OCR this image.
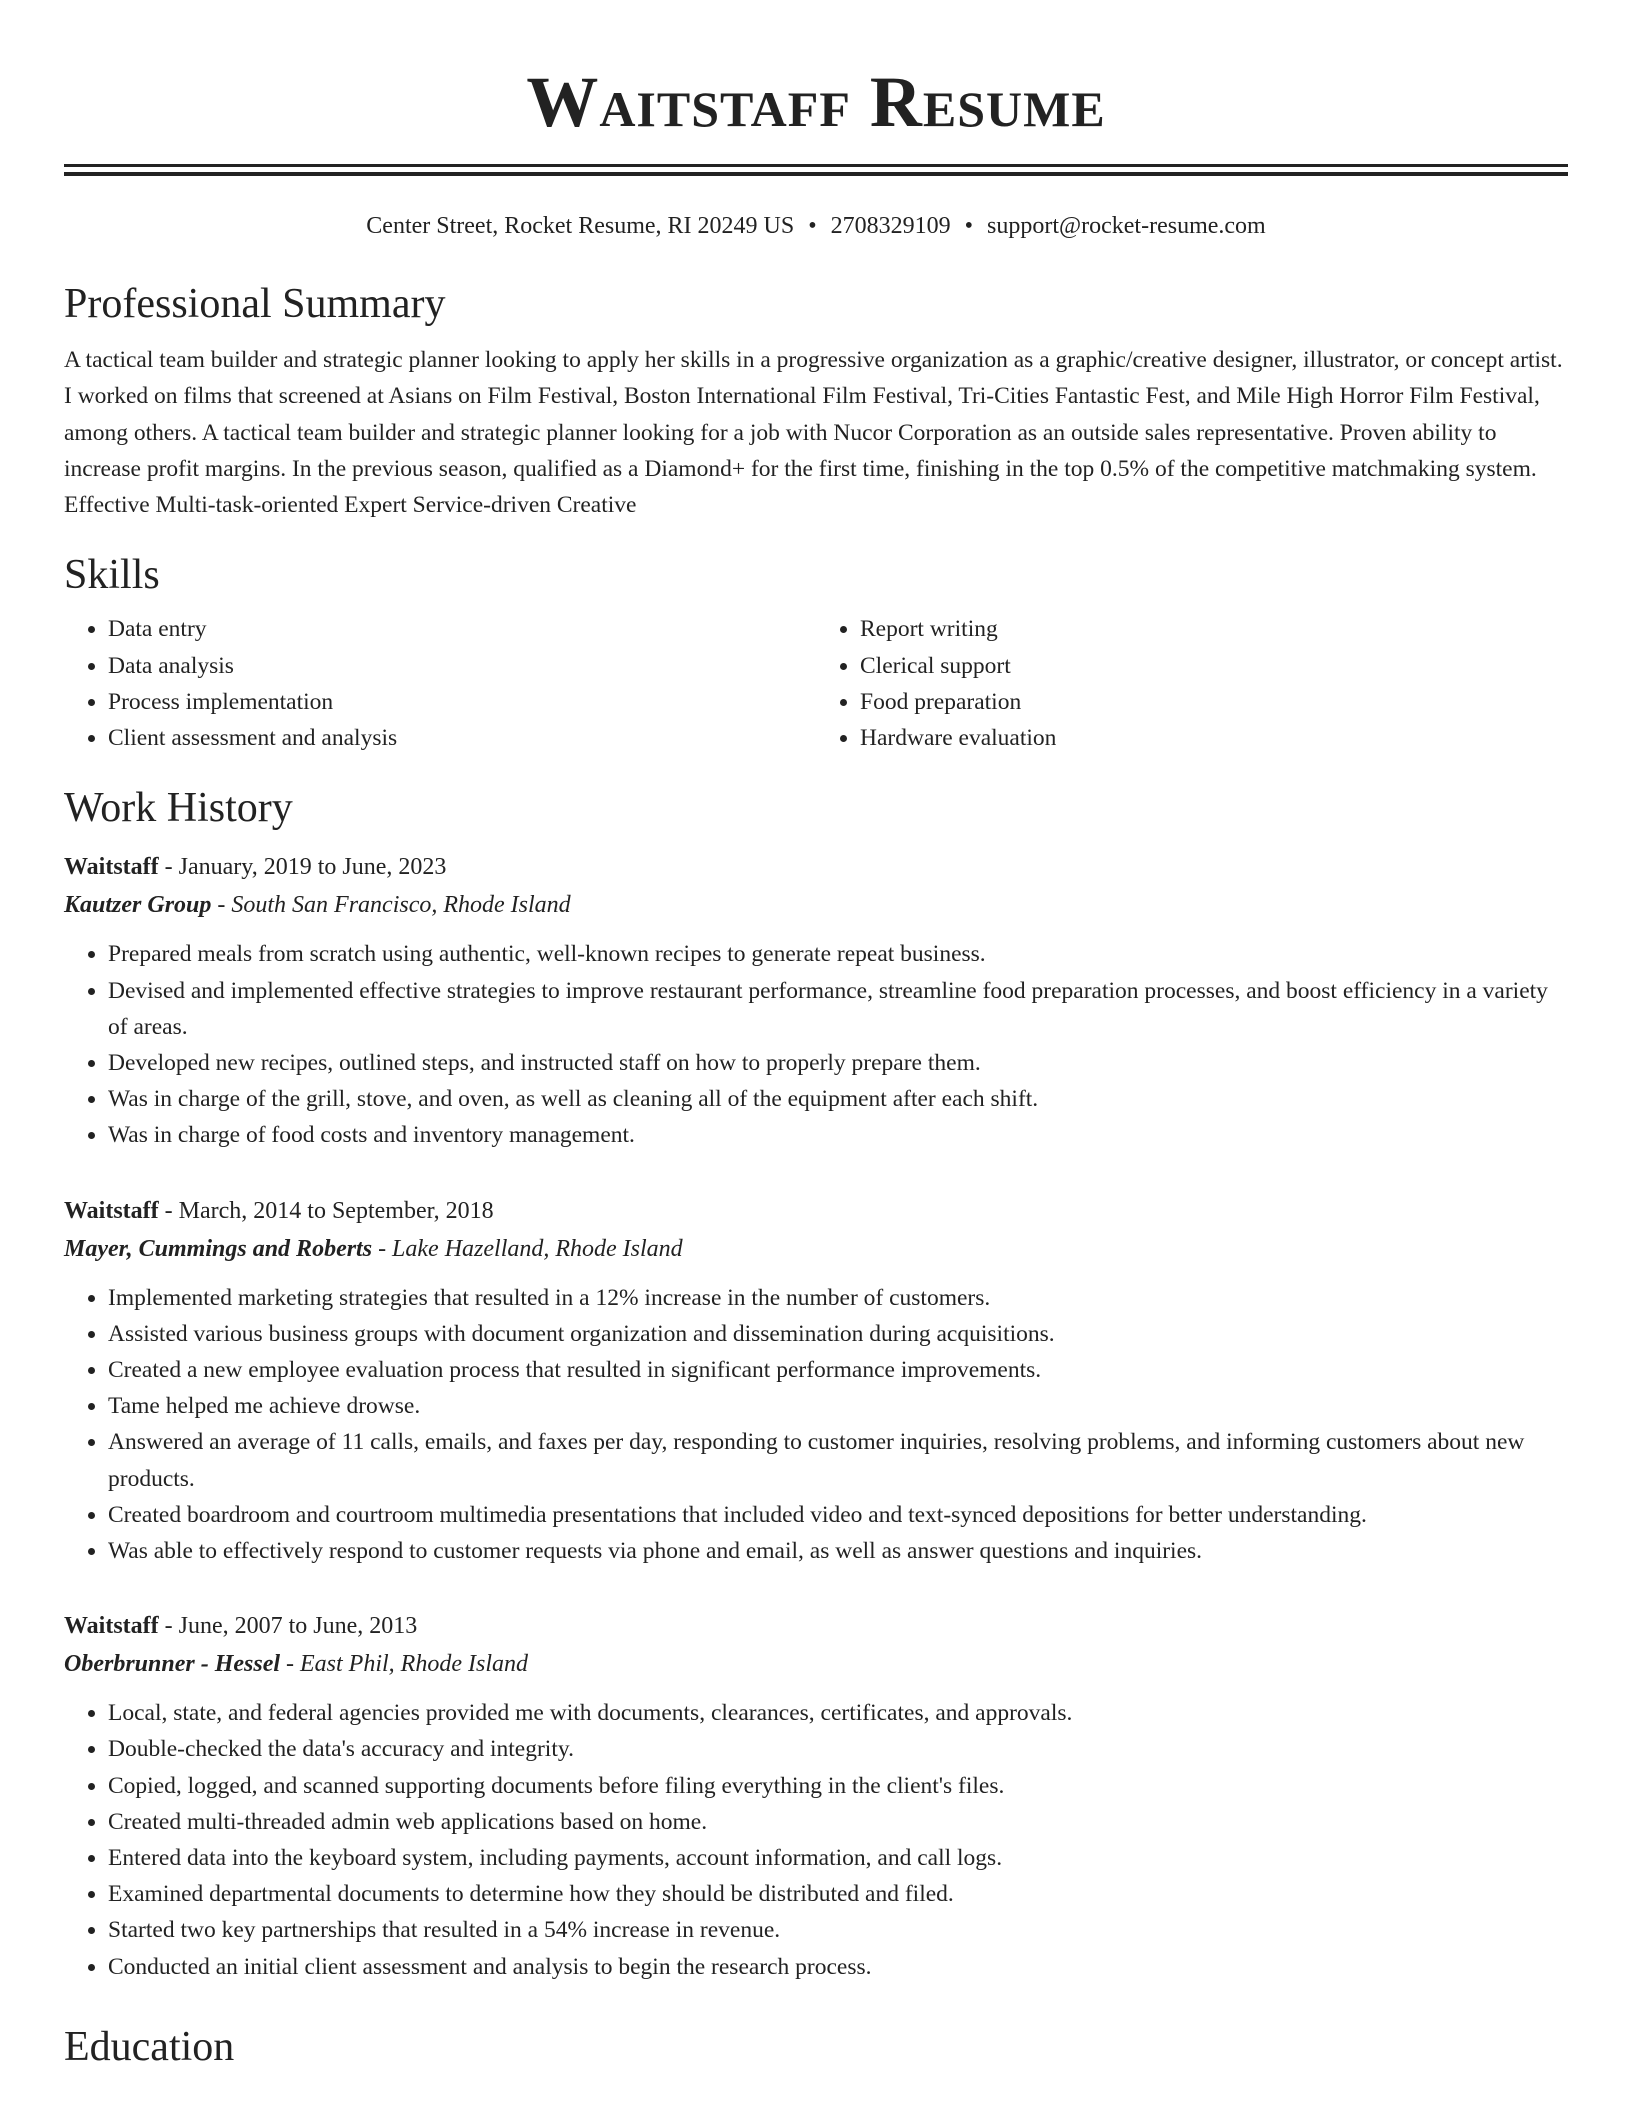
Waitstaff Resume
Center Street, Rocket Resume, RI 20249 US • 2708329109 • support@rocket-resume.com
Professional Summary

A tactical team builder and strategic planner looking to apply her skills in a progressive organization as a graphic/creative designer, illustrator, or concept artist. I worked on films that screened at Asians on Film Festival, Boston International Film Festival, Tri-Cities Fantastic Fest, and Mile High Horror Film Festival, among others. A tactical team builder and strategic planner looking for a job with Nucor Corporation as an outside sales representative. Proven ability to increase profit margins. In the previous season, qualified as a Diamond+ for the first time, finishing in the top 0.5% of the competitive matchmaking system. Effective Multi-task-oriented Expert Service-driven Creative

Skills
• Data entry
• Data analysis
• Process implementation
• Client assessment and analysis
• Report writing
• Clerical support
• Food preparation
• Hardware evaluation
Work History
Waitstaff - January, 2019 to June, 2023
Kautzer Group - South San Francisco, Rhode Island
• Prepared meals from scratch using authentic, well-known recipes to generate repeat business.
• Devised and implemented effective strategies to improve restaurant performance, streamline food preparation processes, and boost efficiency in a variety of areas.
• Developed new recipes, outlined steps, and instructed staff on how to properly prepare them.
• Was in charge of the grill, stove, and oven, as well as cleaning all of the equipment after each shift.
• Was in charge of food costs and inventory management.
Waitstaff - March, 2014 to September, 2018
Mayer, Cummings and Roberts - Lake Hazelland, Rhode Island
• Implemented marketing strategies that resulted in a 12% increase in the number of customers.
• Assisted various business groups with document organization and dissemination during acquisitions.
• Created a new employee evaluation process that resulted in significant performance improvements.
• Tame helped me achieve drowse.
• Answered an average of 11 calls, emails, and faxes per day, responding to customer inquiries, resolving problems, and informing customers about new products.
• Created boardroom and courtroom multimedia presentations that included video and text-synced depositions for better understanding.
• Was able to effectively respond to customer requests via phone and email, as well as answer questions and inquiries.
Waitstaff - June, 2007 to June, 2013
Oberbrunner - Hessel - East Phil, Rhode Island
• Local, state, and federal agencies provided me with documents, clearances, certificates, and approvals.
• Double-checked the data's accuracy and integrity.
• Copied, logged, and scanned supporting documents before filing everything in the client's files.
• Created multi-threaded admin web applications based on home.
• Entered data into the keyboard system, including payments, account information, and call logs.
• Examined departmental documents to determine how they should be distributed and filed.
• Started two key partnerships that resulted in a 54% increase in revenue.
• Conducted an initial client assessment and analysis to begin the research process.
Education
